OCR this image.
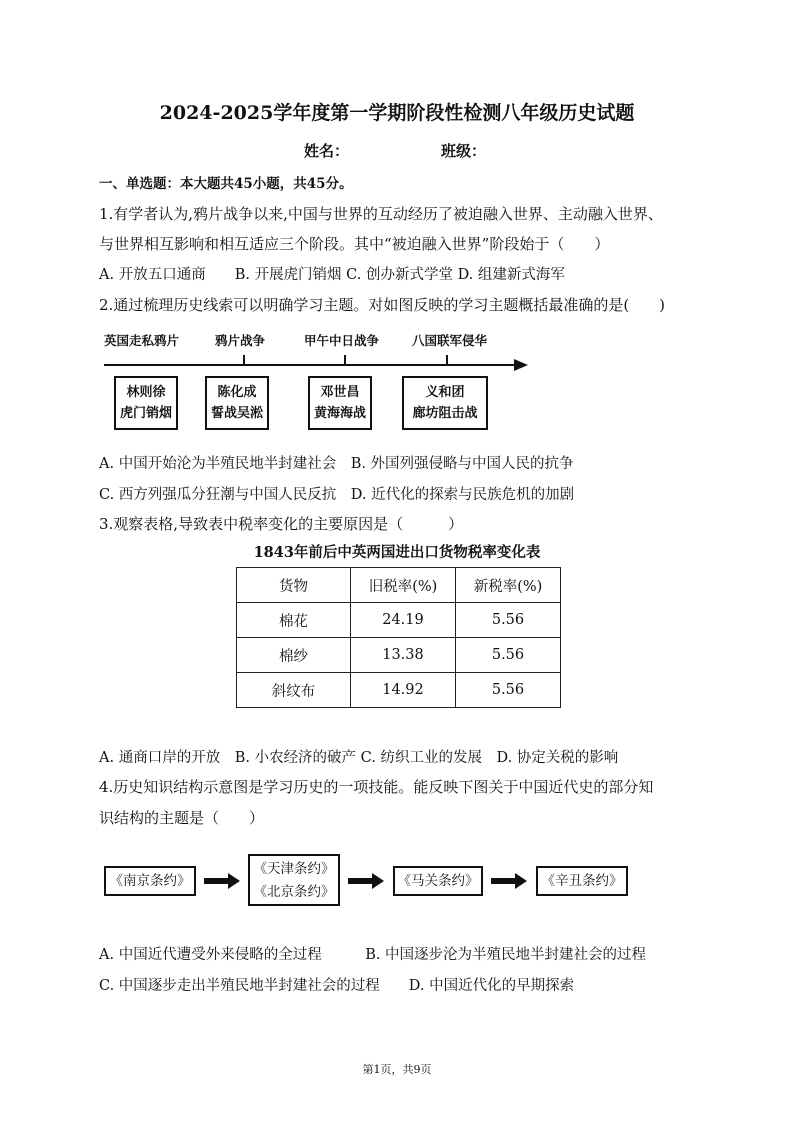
2024-2025学年度第一学期阶段性检测八年级历史试题
姓名：	班级：
一、单选题：本大题共45小题，共45分。
1.有学者认为,鸦片战争以来,中国与世界的互动经历了被迫融入世界、主动融入世界、
与世界相互影响和相互适应三个阶段。其中“被迫融入世界”阶段始于（　　）
A. 开放五口通商　　B. 开展虎门销烟 C. 创办新式学堂 D. 组建新式海军
2.通过梳理历史线索可以明确学习主题。对如图反映的学习主题概括最准确的是(　　)
英国走私鸦片	鸦片战争	甲午中日战争	八国联军侵华
林则徐
虎门销烟
陈化成
誓战吴淞
邓世昌
黄海海战
义和团
廊坊阻击战
A. 中国开始沦为半殖民地半封建社会　B. 外国列强侵略与中国人民的抗争
C. 西方列强瓜分狂潮与中国人民反抗　D. 近代化的探索与民族危机的加剧
3.观察表格,导致表中税率变化的主要原因是（　　　）
1843年前后中英两国进出口货物税率变化表
货物	旧税率(%)	新税率(%)
棉花	24.19	5.56
棉纱	13.38	5.56
斜纹布	14.92	5.56
A. 通商口岸的开放　B. 小农经济的破产 C. 纺织工业的发展　D. 协定关税的影响
4.历史知识结构示意图是学习历史的一项技能。能反映下图关于中国近代史的部分知
识结构的主题是（　　）
《南京条约》
《天津条约》
《北京条约》
《马关条约》	《辛丑条约》
A. 中国近代遭受外来侵略的全过程　　　B. 中国逐步沦为半殖民地半封建社会的过程
C. 中国逐步走出半殖民地半封建社会的过程　　D. 中国近代化的早期探索
第1页，共9页
